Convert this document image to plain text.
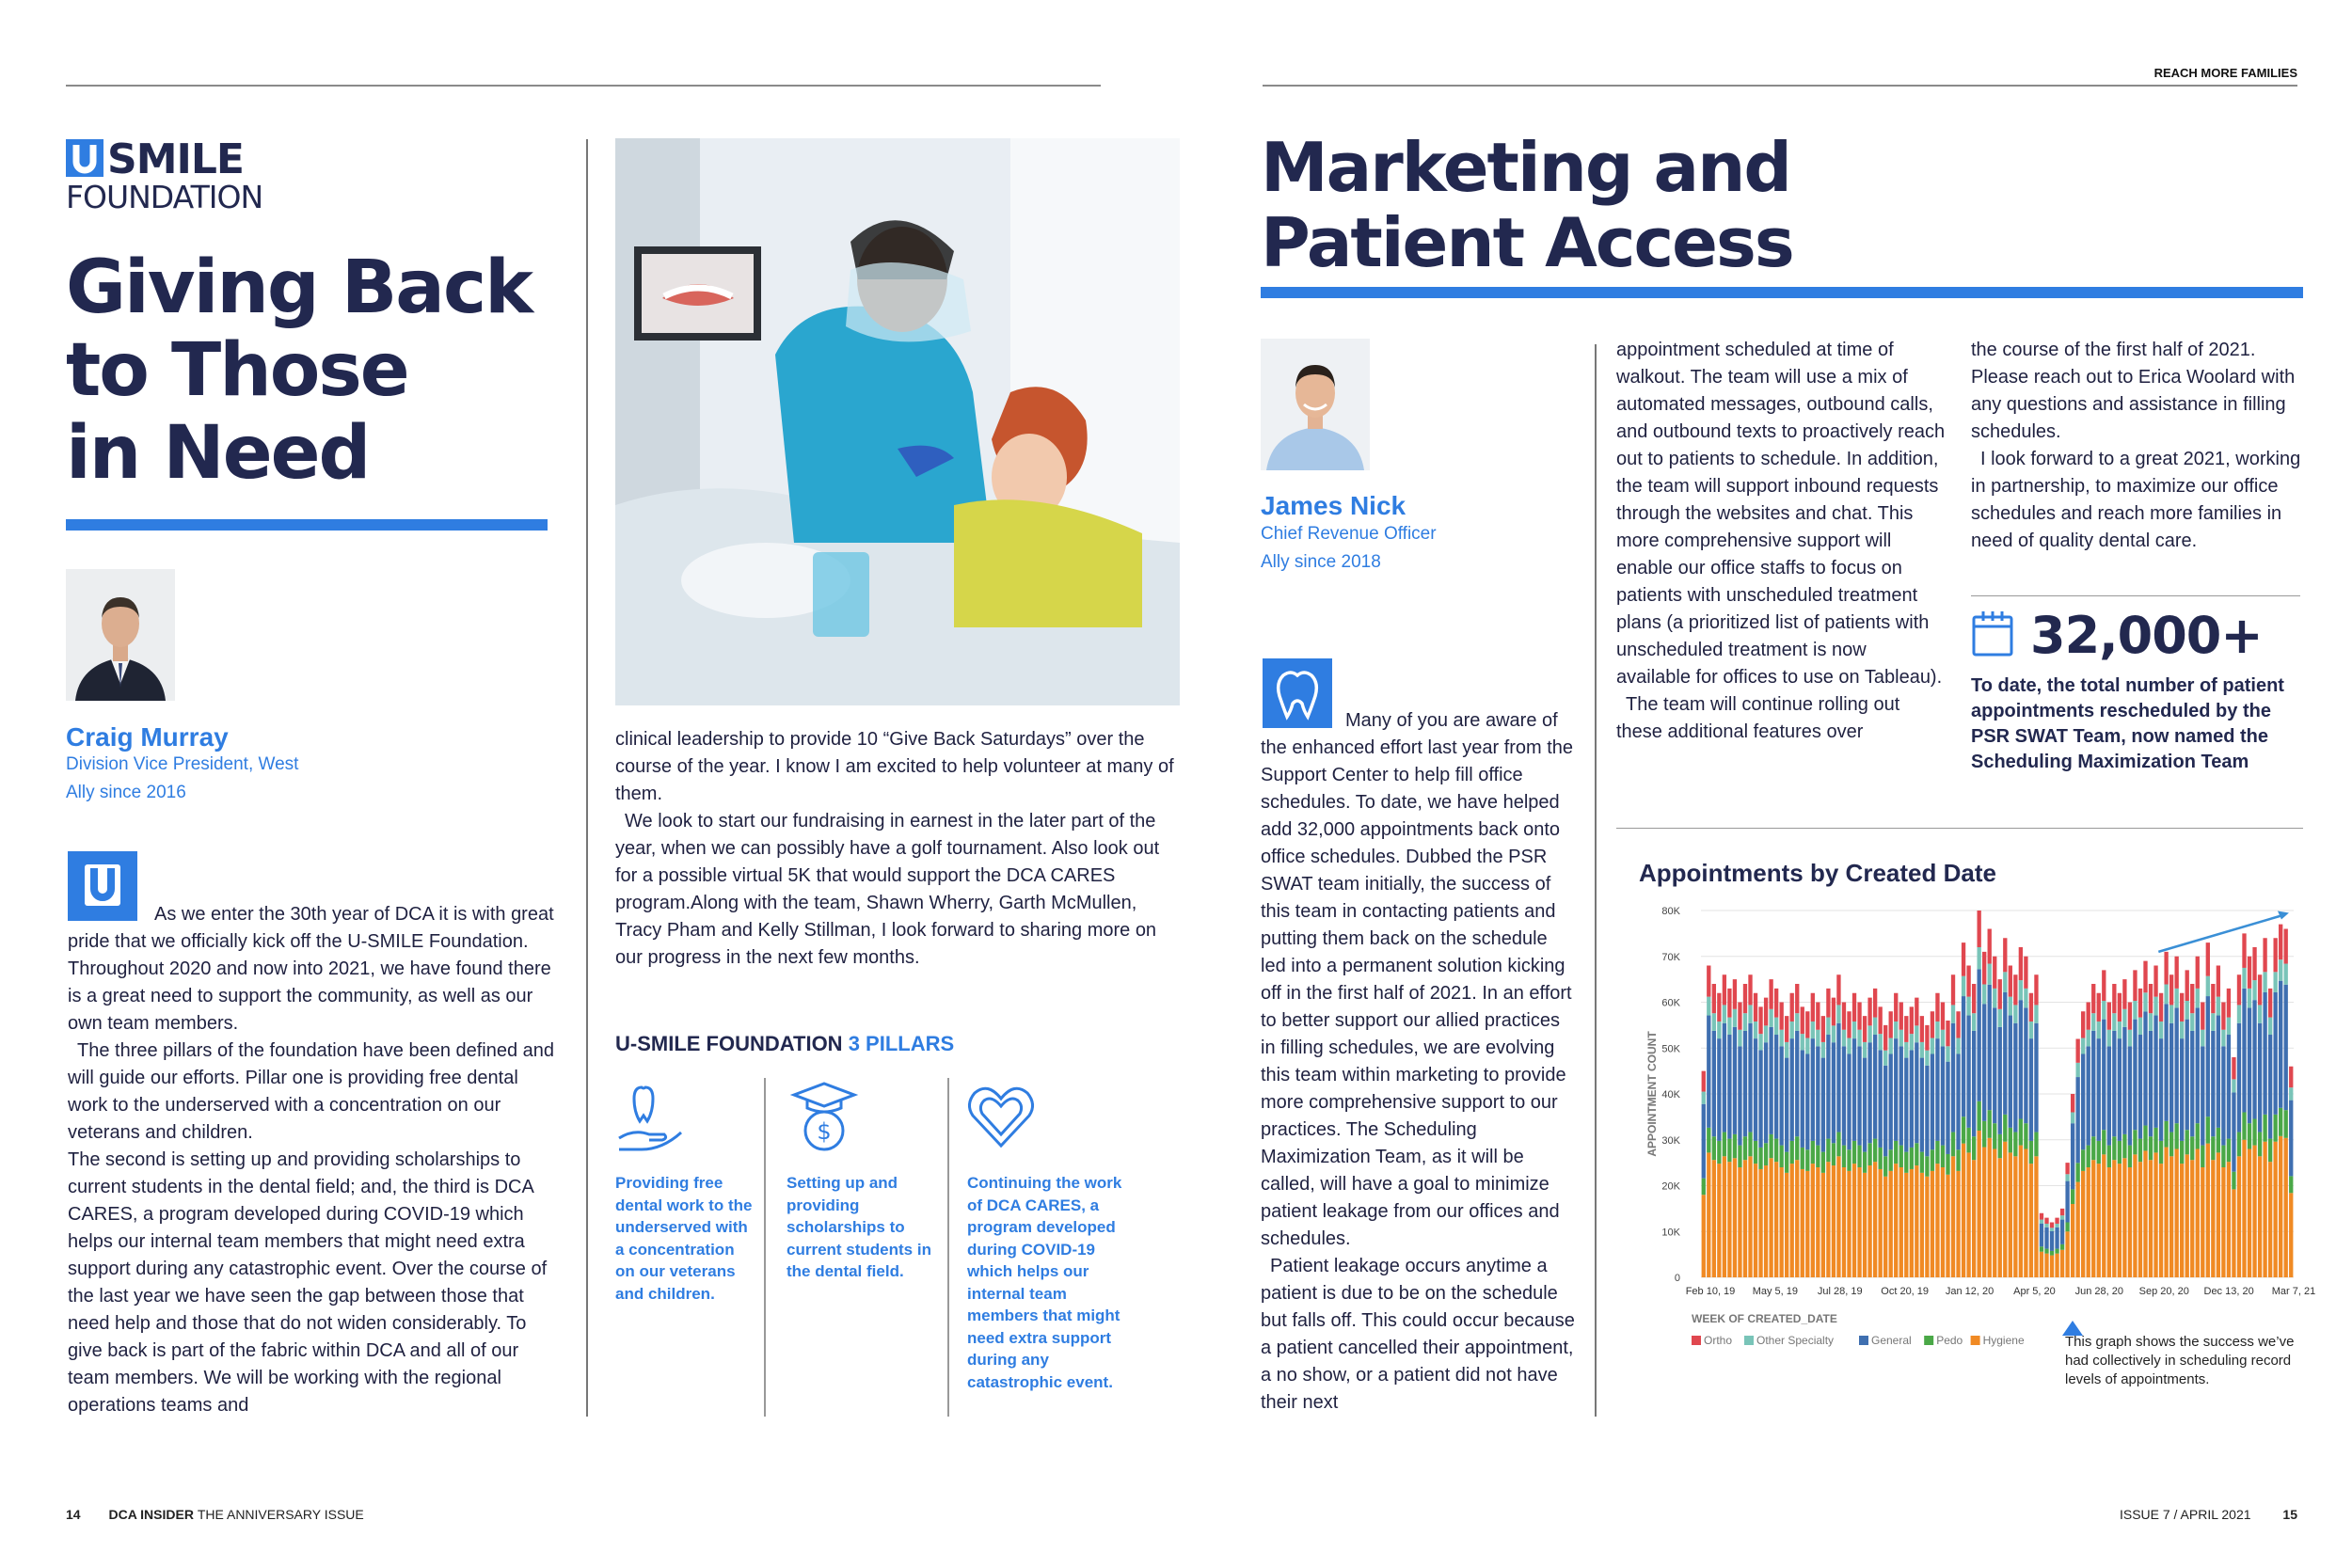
REACH MORE FAMILIES
SMILE
FOUNDATION
Giving Back
to Those
in Need
Craig Murray
Division Vice President, West
Ally since 2016

As we enter the 30th year of DCA it is with great pride that we officially kick off the U-SMILE Foundation. Throughout 2020 and now into 2021, we have found there is a great need to support the community, as well as our own team members.

The three pillars of the foundation have been defined and will guide our efforts. Pillar one is providing free dental work to the underserved with a concentration on our veterans and children.

The second is setting up and providing scholarships to current students in the dental field; and, the third is DCA CARES, a program developed during COVID-19 which helps our internal team members that might need extra support during any catastrophic event. Over the course of the last year we have seen the gap between those that need help and those that do not widen considerably. To give back is part of the fabric within DCA and all of our team members. We will be working with the regional operations teams and

clinical leadership to provide 10 “Give Back Saturdays” over the course of the year. I know I am excited to help volunteer at many of them.

We look to start our fundraising in earnest in the later part of the year, when we can possibly have a golf tournament. Also look out for a possible virtual 5K that would support the DCA CARES program.Along with the team, Shawn Wherry, Garth McMullen, Tracy Pham and Kelly Stillman, I look forward to sharing more on our progress in the next few months.

U-SMILE FOUNDATION 3 PILLARS
$
Providing free dental work to the underserved with a concentration on our veterans and children.
Setting up and providing scholarships to current students in the dental field.
Continuing the work of DCA CARES, a program developed during COVID-19 which helps our internal team members that might need extra support during any catastrophic event.
Marketing and
Patient Access
James Nick
Chief Revenue Officer
Ally since 2018

Many of you are aware of the enhanced effort last year from the Support Center to help fill office schedules. To date, we have helped add 32,000 appointments back onto office schedules. Dubbed the PSR SWAT team initially, the success of this team in contacting patients and putting them back on the schedule led into a permanent solution kicking off in the first half of 2021. In an effort to better support our allied practices in filling schedules, we are evolving this team within marketing to provide more comprehensive support to our practices. The Scheduling Maximization Team, as it will be called, will have a goal to minimize patient leakage from our offices and schedules.

Patient leakage occurs anytime a patient is due to be on the schedule but falls off. This could occur because a patient cancelled their appointment, a no show, or a patient did not have their next

appointment scheduled at time of walkout. The team will use a mix of automated messages, outbound calls, and outbound texts to proactively reach out to patients to schedule. In addition, the team will support inbound requests through the websites and chat. This more comprehensive support will enable our office staffs to focus on patients with unscheduled treatment plans (a prioritized list of patients with unscheduled treatment is now available for offices to use on Tableau).

The team will continue rolling out these additional features over

the course of the first half of 2021. Please reach out to Erica Woolard with any questions and assistance in filling schedules.

I look forward to a great 2021, working in partnership, to maximize our office schedules and reach more families in need of quality dental care.

32,000+
To date, the total number of patient appointments rescheduled by the PSR SWAT Team, now named the Scheduling Maximization Team
Appointments by Created Date
0
10K
20K
30K
40K
50K
60K
70K
80K
APPOINTMENT COUNT
Feb 10, 19 May 5, 19 Jul 28, 19 Oct 20, 19 Jan 12, 20 Apr 5, 20 Jun 28, 20 Sep 20, 20 Dec 13, 20 Mar 7, 21
WEEK OF CREATED_DATE
Ortho Other Specialty	General Pedo Hygiene	This graph shows the success we’ve had collectively in scheduling record levels of appointments.
14 DCA INSIDER THE ANNIVERSARY ISSUE	ISSUE 7 / APRIL 2021 15
